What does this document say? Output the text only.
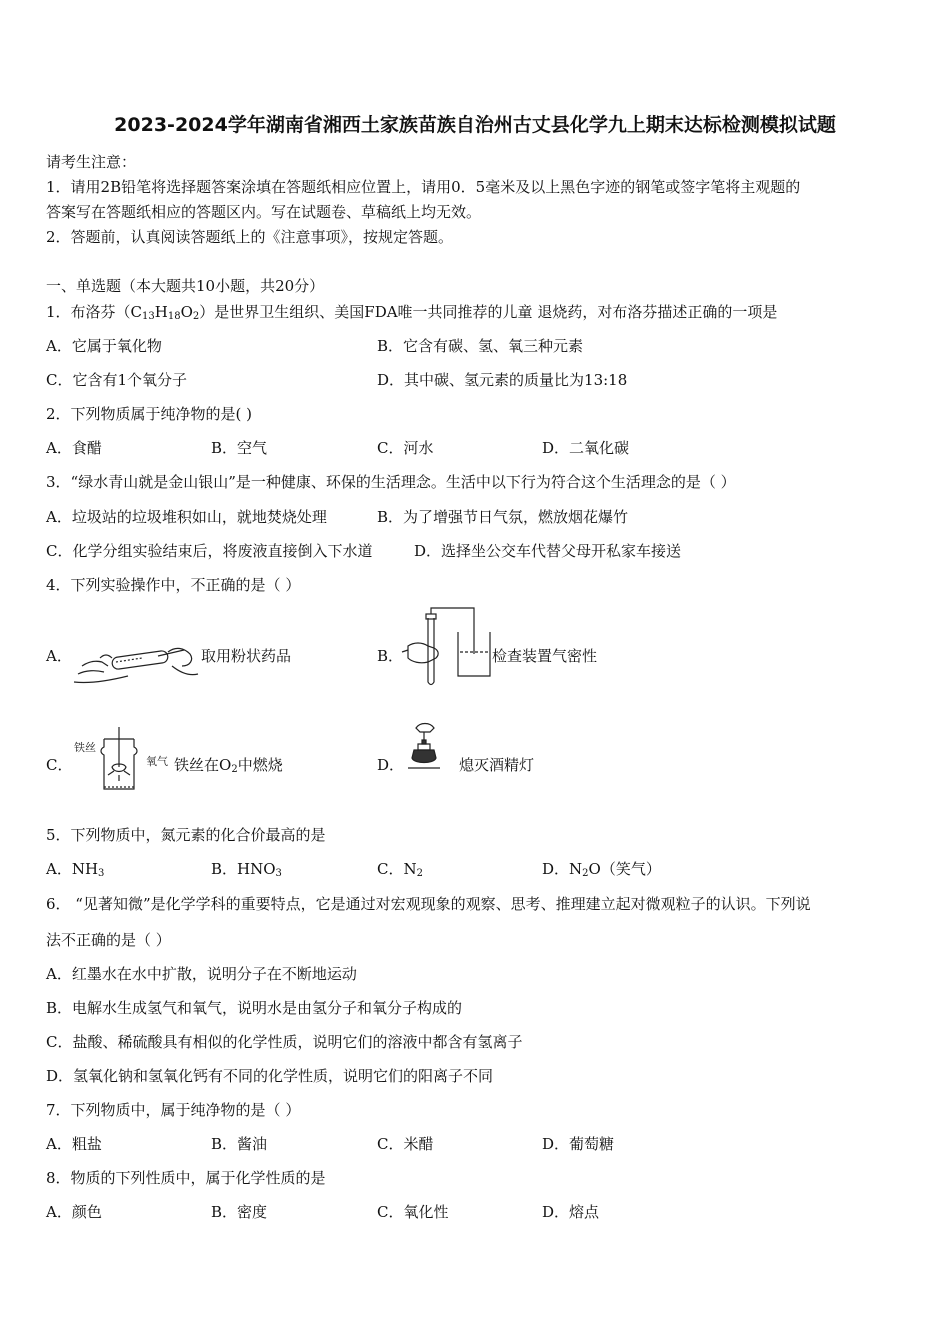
2023-2024学年湖南省湘西土家族苗族自治州古丈县化学九上期末达标检测模拟试题
请考生注意：
1．请用2B铅笔将选择题答案涂填在答题纸相应位置上，请用0．5毫米及以上黑色字迹的钢笔或签字笔将主观题的
答案写在答题纸相应的答题区内。写在试题卷、草稿纸上均无效。
2．答题前，认真阅读答题纸上的《注意事项》，按规定答题。
一、单选题（本大题共10小题，共20分）
1．布洛芬$(C_{13}H_{18}O_2)$是世界卫生组织、美国FDA唯一共同推荐的儿童 退烧药，对布洛芬描述正确的一项是
A．它属于氧化物	B．它含有碳、氢、氧三种元素
C．它含有1个氧分子	D．其中碳、氢元素的质量比为13:18
2．下列物质属于纯净物的是( )
A．食醋	B．空气	C．河水	D．二氧化碳
3．“绿水青山就是金山银山”是一种健康、环保的生活理念。生活中以下行为符合这个生活理念的是（ ）
A．垃圾站的垃圾堆积如山，就地焚烧处理	B．为了增强节日气氛，燃放烟花爆竹
C．化学分组实验结束后，将废液直接倒入下水道	D．选择坐公交车代替父母开私家车接送
4．下列实验操作中，不正确的是（ ）
A．	取用粉状药品	B．	检查装置气密性
C．
铁丝
氧气 铁丝在$O_2$中燃烧	D．	熄灭酒精灯
5．下列物质中，氮元素的化合价最高的是
A．$NH_3$	B．$HNO_3$	C．$N_2$	D．$N_2O$（笑气）
6． “见著知微”是化学学科的重要特点，它是通过对宏观现象的观察、思考、推理建立起对微观粒子的认识。下列说
法不正确的是（ ）
A．红墨水在水中扩散，说明分子在不断地运动
B．电解水生成氢气和氧气，说明水是由氢分子和氧分子构成的
C．盐酸、稀硫酸具有相似的化学性质，说明它们的溶液中都含有氢离子
D．氢氧化钠和氢氧化钙有不同的化学性质，说明它们的阳离子不同
7．下列物质中，属于纯净物的是（ ）
A．粗盐	B．酱油	C．米醋	D．葡萄糖
8．物质的下列性质中，属于化学性质的是
A．颜色	B．密度	C．氧化性	D．熔点
